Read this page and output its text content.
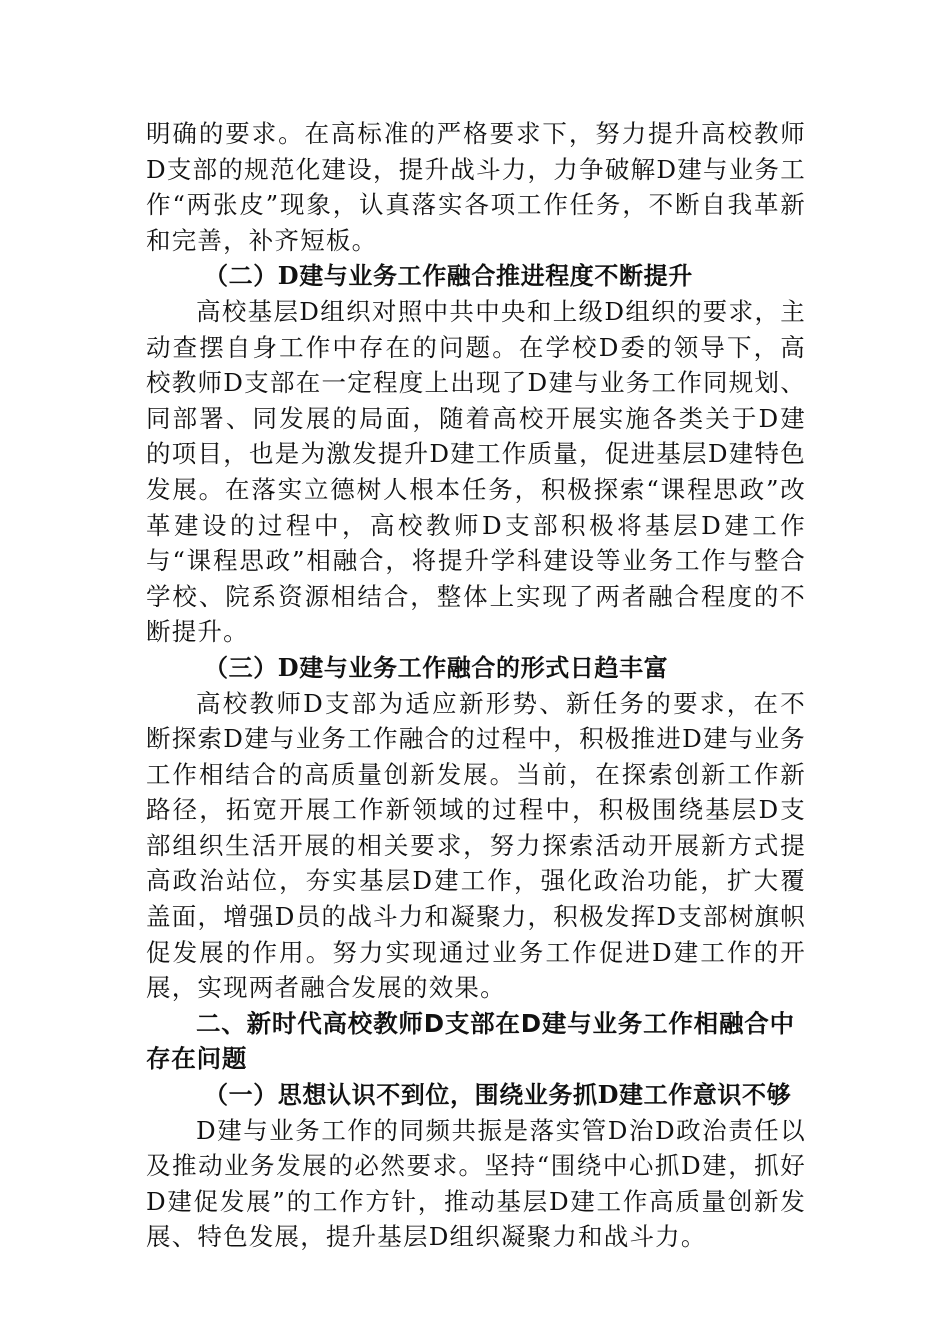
明确的要求。在高标准的严格要求下，努力提升高校教师D支部的规范化建设，提升战斗力，力争破解D建与业务工作“两张皮”现象，认真落实各项工作任务，不断自我革新和完善，补齐短板。

（二）D建与业务工作融合推进程度不断提升

高校基层D组织对照中共中央和上级D组织的要求，主动查摆自身工作中存在的问题。在学校D委的领导下，高校教师D支部在一定程度上出现了D建与业务工作同规划、同部署、同发展的局面，随着高校开展实施各类关于D建的项目，也是为激发提升D建工作质量，促进基层D建特色发展。在落实立德树人根本任务，积极探索“课程思政”改革建设的过程中，高校教师D支部积极将基层D建工作与“课程思政”相融合，将提升学科建设等业务工作与整合学校、院系资源相结合，整体上实现了两者融合程度的不断提升。

（三）D建与业务工作融合的形式日趋丰富

高校教师D支部为适应新形势、新任务的要求，在不断探索D建与业务工作融合的过程中，积极推进D建与业务工作相结合的高质量创新发展。当前，在探索创新工作新路径，拓宽开展工作新领域的过程中，积极围绕基层D支部组织生活开展的相关要求，努力探索活动开展新方式提高政治站位，夯实基层D建工作，强化政治功能，扩大覆盖面，增强D员的战斗力和凝聚力，积极发挥D支部树旗帜促发展的作用。努力实现通过业务工作促进D建工作的开展，实现两者融合发展的效果。

二、新时代高校教师D支部在D建与业务工作相融合中存在问题

（一）思想认识不到位，围绕业务抓D建工作意识不够

D建与业务工作的同频共振是落实管D治D政治责任以及推动业务发展的必然要求。坚持“围绕中心抓D建，抓好D建促发展”的工作方针，推动基层D建工作高质量创新发展、特色发展，提升基层D组织凝聚力和战斗力。
